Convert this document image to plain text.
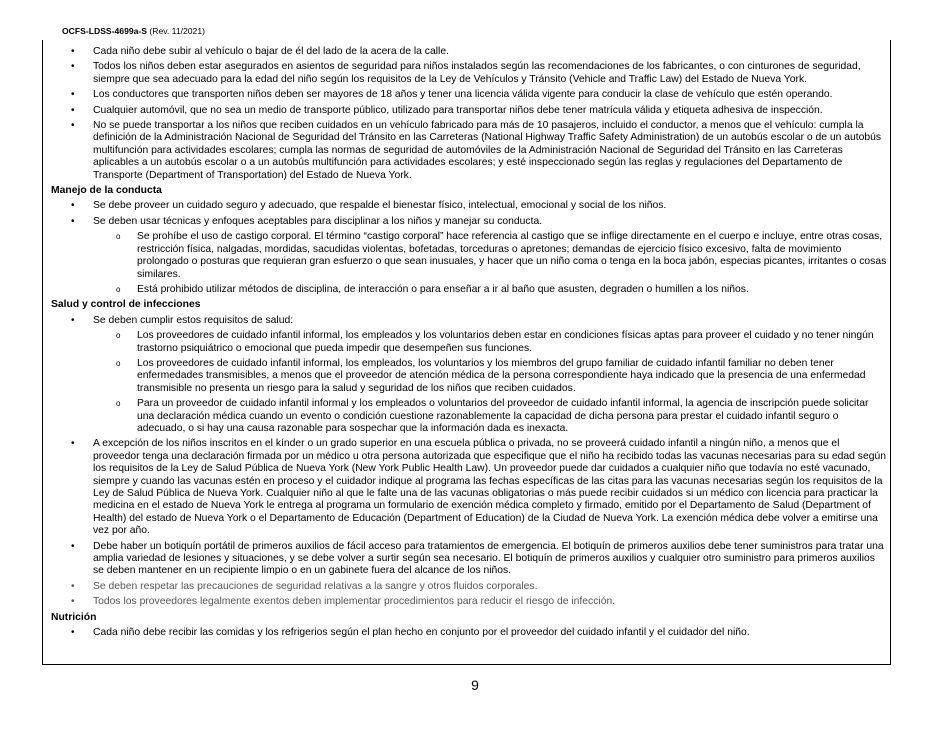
OCFS-LDSS-4699a-S (Rev. 11/2021)
• Cada niño debe subir al vehículo o bajar de él del lado de la acera de la calle.
• Todos los niños deben estar asegurados en asientos de seguridad para niños instalados según las recomendaciones de los fabricantes, o con cinturones de seguridad, siempre que sea adecuado para la edad del niño según los requisitos de la Ley de Vehículos y Tránsito (Vehicle and Traffic Law) del Estado de Nueva York.
• Los conductores que transporten niños deben ser mayores de 18 años y tener una licencia válida vigente para conducir la clase de vehículo que estén operando.
• Cualquier automóvil, que no sea un medio de transporte público, utilizado para transportar niños debe tener matrícula válida y etiqueta adhesiva de inspección.
• No se puede transportar a los niños que reciben cuidados en un vehículo fabricado para más de 10 pasajeros, incluido el conductor, a menos que el vehículo: cumpla la definición de la Administración Nacional de Seguridad del Tránsito en las Carreteras (National Highway Traffic Safety Administration) de un autobús escolar o de un autobús multifunción para actividades escolares; cumpla las normas de seguridad de automóviles de la Administración Nacional de Seguridad del Tránsito en las Carreteras aplicables a un autobús escolar o a un autobús multifunción para actividades escolares; y esté inspeccionado según las reglas y regulaciones del Departamento de Transporte (Department of Transportation) del Estado de Nueva York.
Manejo de la conducta
• Se debe proveer un cuidado seguro y adecuado, que respalde el bienestar físico, intelectual, emocional y social de los niños.
• Se deben usar técnicas y enfoques aceptables para disciplinar a los niños y manejar su conducta.
o Se prohíbe el uso de castigo corporal. El término “castigo corporal” hace referencia al castigo que se inflige directamente en el cuerpo e incluye, entre otras cosas, restricción física, nalgadas, mordidas, sacudidas violentas, bofetadas, torceduras o apretones; demandas de ejercicio físico excesivo, falta de movimiento prolongado o posturas que requieran gran esfuerzo o que sean inusuales, y hacer que un niño coma o tenga en la boca jabón, especias picantes, irritantes o cosas similares.
o Está prohibido utilizar métodos de disciplina, de interacción o para enseñar a ir al baño que asusten, degraden o humillen a los niños.
Salud y control de infecciones
• Se deben cumplir estos requisitos de salud:
o Los proveedores de cuidado infantil informal, los empleados y los voluntarios deben estar en condiciones físicas aptas para proveer el cuidado y no tener ningún trastorno psiquiátrico o emocional que pueda impedir que desempeñen sus funciones.
o Los proveedores de cuidado infantil informal, los empleados, los voluntarios y los miembros del grupo familiar de cuidado infantil familiar no deben tener enfermedades transmisibles, a menos que el proveedor de atención médica de la persona correspondiente haya indicado que la presencia de una enfermedad transmisible no presenta un riesgo para la salud y seguridad de los niños que reciben cuidados.
o Para un proveedor de cuidado infantil informal y los empleados o voluntarios del proveedor de cuidado infantil informal, la agencia de inscripción puede solicitar una declaración médica cuando un evento o condición cuestione razonablemente la capacidad de dicha persona para prestar el cuidado infantil seguro o adecuado, o si hay una causa razonable para sospechar que la información dada es inexacta.
• A excepción de los niños inscritos en el kínder o un grado superior en una escuela pública o privada, no se proveerá cuidado infantil a ningún niño, a menos que el proveedor tenga una declaración firmada por un médico u otra persona autorizada que especifique que el niño ha recibido todas las vacunas necesarias para su edad según los requisitos de la Ley de Salud Pública de Nueva York (New York Public Health Law). Un proveedor puede dar cuidados a cualquier niño que todavía no esté vacunado, siempre y cuando las vacunas estén en proceso y el cuidador indique al programa las fechas específicas de las citas para las vacunas necesarias según los requisitos de la Ley de Salud Pública de Nueva York. Cualquier niño al que le falte una de las vacunas obligatorias o más puede recibir cuidados si un médico con licencia para practicar la medicina en el estado de Nueva York le entrega al programa un formulario de exención médica completo y firmado, emitido por el Departamento de Salud (Department of Health) del estado de Nueva York o el Departamento de Educación (Department of Education) de la Ciudad de Nueva York. La exención médica debe volver a emitirse una vez por año.
• Debe haber un botiquín portátil de primeros auxilios de fácil acceso para tratamientos de emergencia. El botiquín de primeros auxilios debe tener suministros para tratar una amplia variedad de lesiones y situaciones, y se debe volver a surtir según sea necesario. El botiquín de primeros auxilios y cualquier otro suministro para primeros auxilios se deben mantener en un recipiente limpio o en un gabinete fuera del alcance de los niños.
• Se deben respetar las precauciones de seguridad relativas a la sangre y otros fluidos corporales.
• Todos los proveedores legalmente exentos deben implementar procedimientos para reducir el riesgo de infección.
Nutrición
• Cada niño debe recibir las comidas y los refrigerios según el plan hecho en conjunto por el proveedor del cuidado infantil y el cuidador del niño.
9
